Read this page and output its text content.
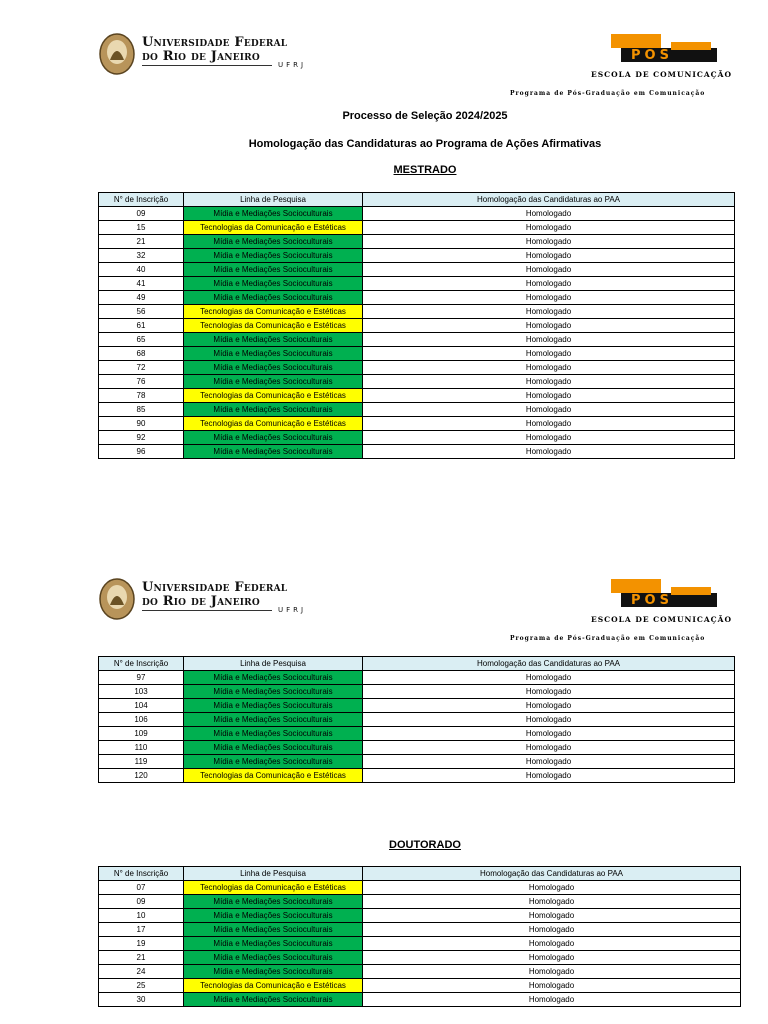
Universidade Federal
do Rio de Janeiro
UFRJ
PÓS
ESCOLA DE COMUNICAÇÃO
Programa de Pós-Graduação em Comunicação
Processo de Seleção 2024/2025
Homologação das Candidaturas ao Programa de Ações Afirmativas
MESTRADO
N° de Inscrição	Linha de Pesquisa	Homologação das Candidaturas ao PAA
09	Mídia e Mediações Socioculturais	Homologado
15	Tecnologias da Comunicação e Estéticas	Homologado
21	Mídia e Mediações Socioculturais	Homologado
32	Mídia e Mediações Socioculturais	Homologado
40	Mídia e Mediações Socioculturais	Homologado
41	Mídia e Mediações Socioculturais	Homologado
49	Mídia e Mediações Socioculturais	Homologado
56	Tecnologias da Comunicação e Estéticas	Homologado
61	Tecnologias da Comunicação e Estéticas	Homologado
65	Mídia e Mediações Socioculturais	Homologado
68	Mídia e Mediações Socioculturais	Homologado
72	Mídia e Mediações Socioculturais	Homologado
76	Mídia e Mediações Socioculturais	Homologado
78	Tecnologias da Comunicação e Estéticas	Homologado
85	Mídia e Mediações Socioculturais	Homologado
90	Tecnologias da Comunicação e Estéticas	Homologado
92	Mídia e Mediações Socioculturais	Homologado
96	Mídia e Mediações Socioculturais	Homologado
Universidade Federal
do Rio de Janeiro
UFRJ
PÓS
ESCOLA DE COMUNICAÇÃO
Programa de Pós-Graduação em Comunicação
N° de Inscrição	Linha de Pesquisa	Homologação das Candidaturas ao PAA
97	Mídia e Mediações Socioculturais	Homologado
103	Mídia e Mediações Socioculturais	Homologado
104	Mídia e Mediações Socioculturais	Homologado
106	Mídia e Mediações Socioculturais	Homologado
109	Mídia e Mediações Socioculturais	Homologado
110	Mídia e Mediações Socioculturais	Homologado
119	Mídia e Mediações Socioculturais	Homologado
120	Tecnologias da Comunicação e Estéticas	Homologado
DOUTORADO
N° de Inscrição	Linha de Pesquisa	Homologação das Candidaturas ao PAA
07	Tecnologias da Comunicação e Estéticas	Homologado
09	Mídia e Mediações Socioculturais	Homologado
10	Mídia e Mediações Socioculturais	Homologado
17	Mídia e Mediações Socioculturais	Homologado
19	Mídia e Mediações Socioculturais	Homologado
21	Mídia e Mediações Socioculturais	Homologado
24	Mídia e Mediações Socioculturais	Homologado
25	Tecnologias da Comunicação e Estéticas	Homologado
30	Mídia e Mediações Socioculturais	Homologado
